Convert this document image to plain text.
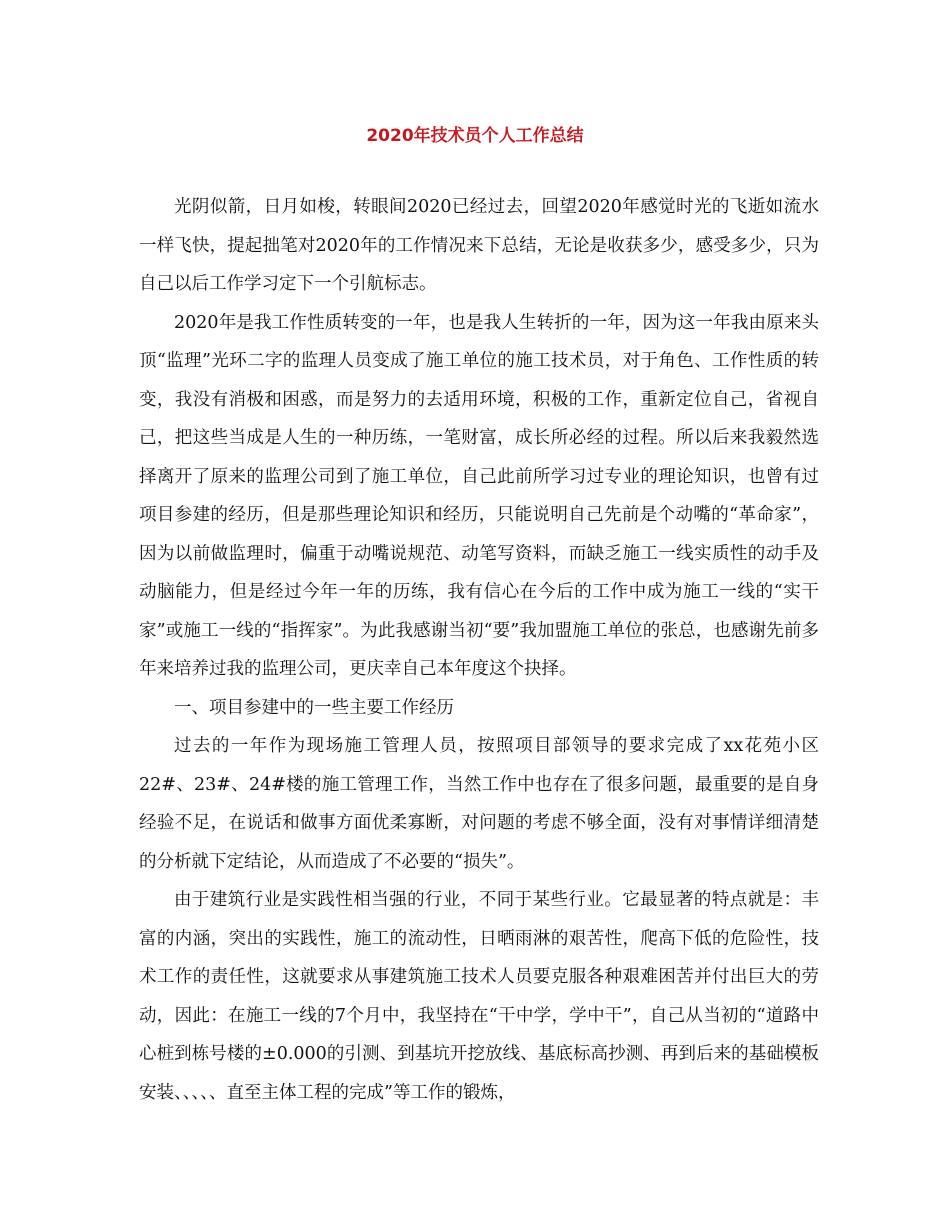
2020年技术员个人工作总结

光阴似箭，日月如梭，转眼间2020已经过去，回望2020年感觉时光的飞逝如流水一样飞快，提起拙笔对2020年的工作情况来下总结，无论是收获多少，感受多少，只为自己以后工作学习定下一个引航标志。

2020年是我工作性质转变的一年，也是我人生转折的一年，因为这一年我由原来头顶“监理”光环二字的监理人员变成了施工单位的施工技术员，对于角色、工作性质的转变，我没有消极和困惑，而是努力的去适用环境，积极的工作，重新定位自己，省视自己，把这些当成是人生的一种历练，一笔财富，成长所必经的过程。所以后来我毅然选择离开了原来的监理公司到了施工单位，自己此前所学习过专业的理论知识，也曾有过项目参建的经历，但是那些理论知识和经历，只能说明自己先前是个动嘴的“革命家”，因为以前做监理时，偏重于动嘴说规范、动笔写资料，而缺乏施工一线实质性的动手及动脑能力，但是经过今年一年的历练，我有信心在今后的工作中成为施工一线的“实干家”或施工一线的“指挥家”。为此我感谢当初“要”我加盟施工单位的张总，也感谢先前多年来培养过我的监理公司，更庆幸自己本年度这个抉择。

一、项目参建中的一些主要工作经历

过去的一年作为现场施工管理人员，按照项目部领导的要求完成了xx花苑小区22#、23#、24#楼的施工管理工作，当然工作中也存在了很多问题，最重要的是自身经验不足，在说话和做事方面优柔寡断，对问题的考虑不够全面，没有对事情详细清楚的分析就下定结论，从而造成了不必要的“损失”。

由于建筑行业是实践性相当强的行业，不同于某些行业。它最显著的特点就是：丰富的内涵，突出的实践性，施工的流动性，日晒雨淋的艰苦性，爬高下低的危险性，技术工作的责任性，这就要求从事建筑施工技术人员要克服各种艰难困苦并付出巨大的劳动，因此：在施工一线的7个月中，我坚持在“干中学，学中干”，自己从当初的“道路中心桩到栋号楼的±0.000的引测、到基坑开挖放线、基底标高抄测、再到后来的基础模板安装、、、、、直至主体工程的完成”等工作的锻炼，
